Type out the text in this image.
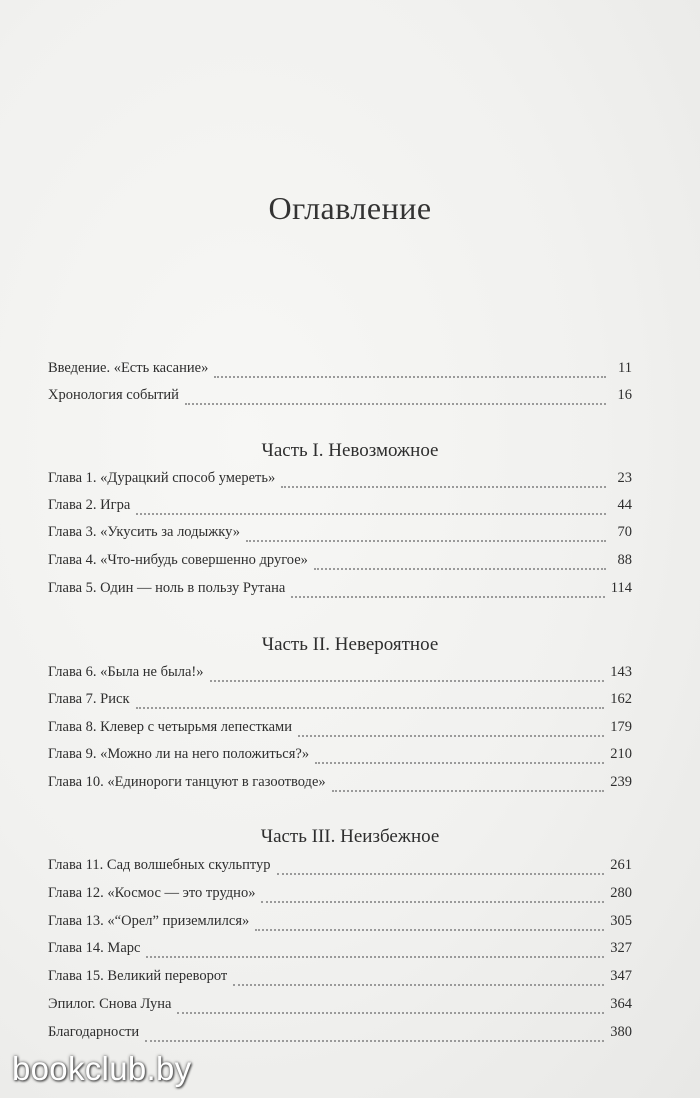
Оглавление
Введение. «Есть касание»	11
Хронология событий	16
Часть I. Невозможное
Глава 1. «Дурацкий способ умереть»	23
Глава 2. Игра	44
Глава 3. «Укусить за лодыжку»	70
Глава 4. «Что-нибудь совершенно другое»	88
Глава 5. Один — ноль в пользу Рутана	114
Часть II. Невероятное
Глава 6. «Была не была!»	143
Глава 7. Риск	162
Глава 8. Клевер с четырьмя лепестками	179
Глава 9. «Можно ли на него положиться?»	210
Глава 10. «Единороги танцуют в газоотводе»	239
Часть III. Неизбежное
Глава 11. Сад волшебных скульптур	261
Глава 12. «Космос — это трудно»	280
Глава 13. «“Орел” приземлился»	305
Глава 14. Марс	327
Глава 15. Великий переворот	347
Эпилог. Снова Луна	364
Благодарности	380
bookclub.by
